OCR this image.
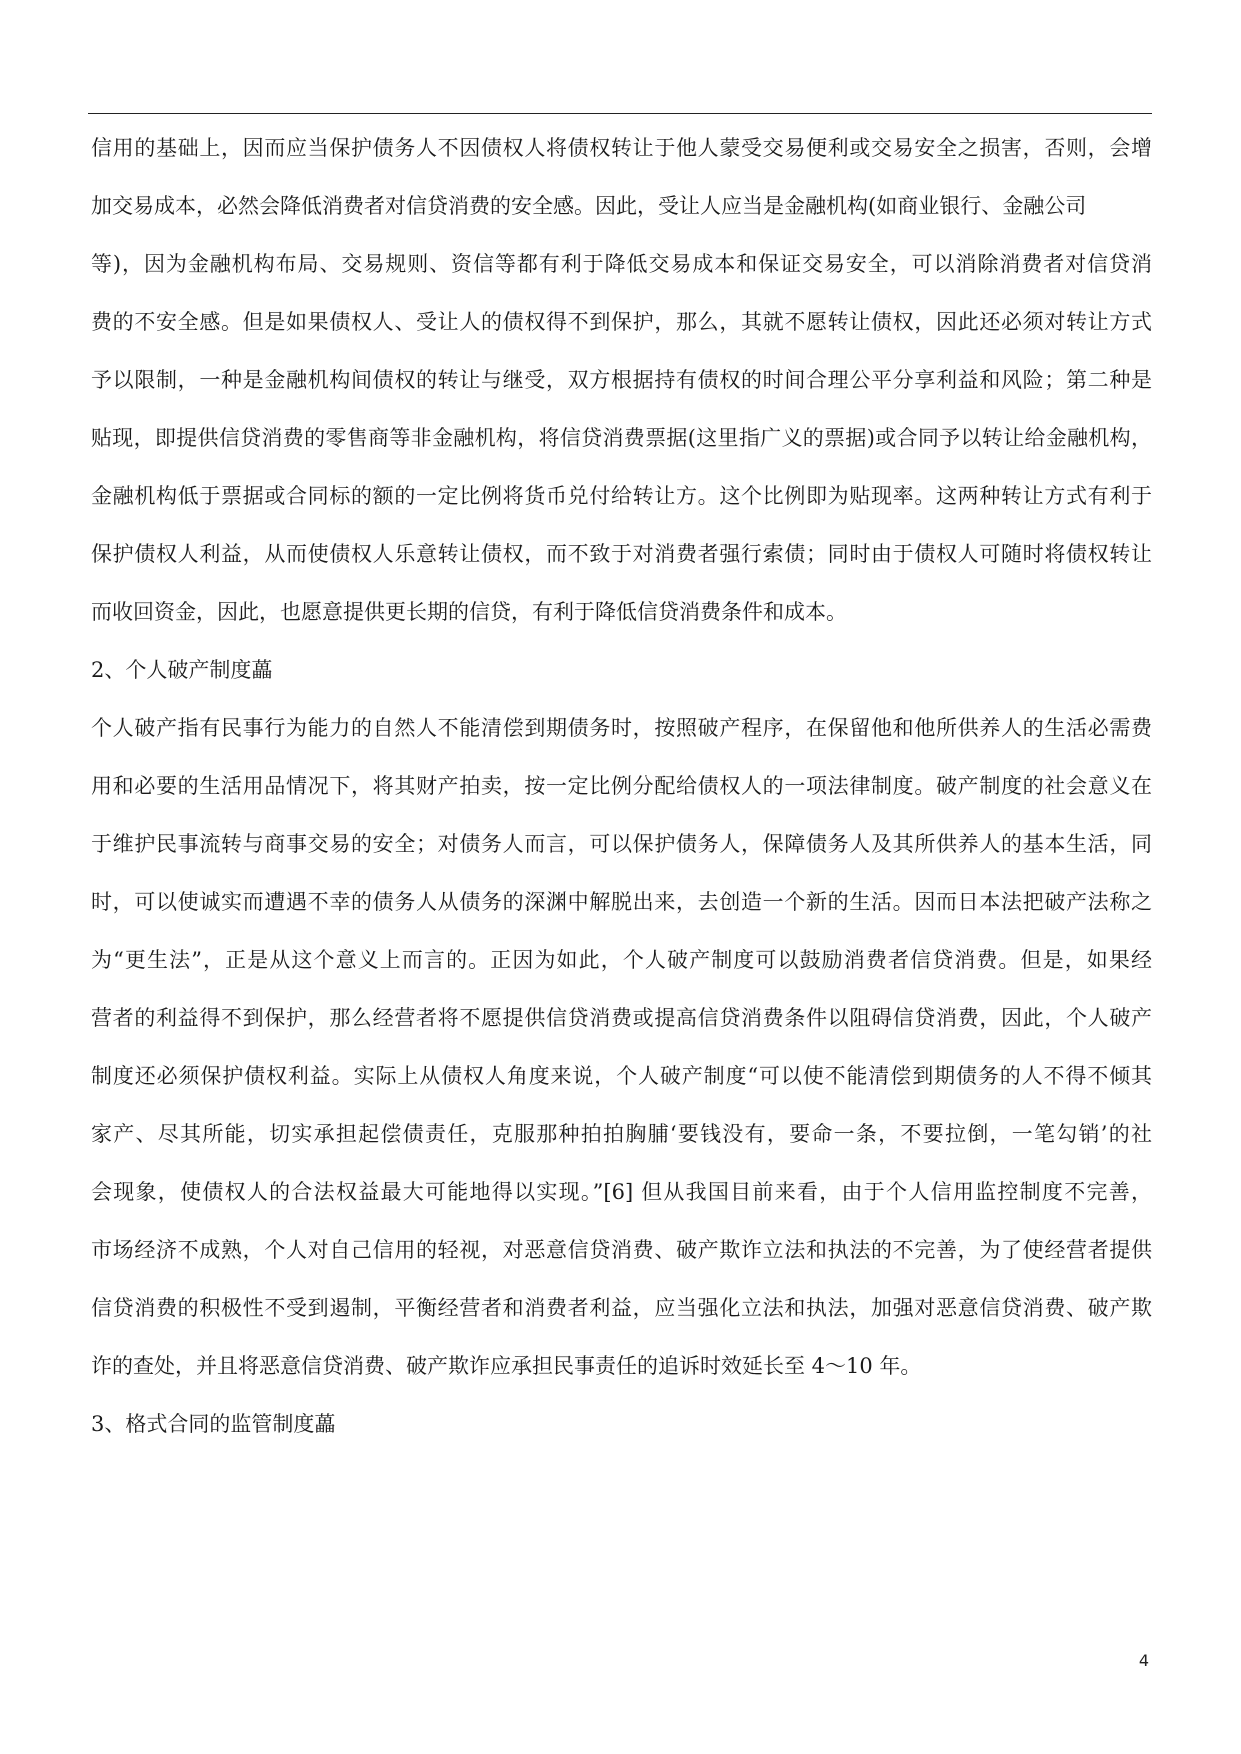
信用的基础上，因而应当保护债务人不因债权人将债权转让于他人蒙受交易便利或交易安全之损害，否则，会增
加交易成本，必然会降低消费者对信贷消费的安全感。因此，受让人应当是金融机构(如商业银行、金融公司
等)，因为金融机构布局、交易规则、资信等都有利于降低交易成本和保证交易安全，可以消除消费者对信贷消
费的不安全感。但是如果债权人、受让人的债权得不到保护，那么，其就不愿转让债权，因此还必须对转让方式
予以限制，一种是金融机构间债权的转让与继受，双方根据持有债权的时间合理公平分享利益和风险；第二种是
贴现，即提供信贷消费的零售商等非金融机构，将信贷消费票据(这里指广义的票据)或合同予以转让给金融机构，
金融机构低于票据或合同标的额的一定比例将货币兑付给转让方。这个比例即为贴现率。这两种转让方式有利于
保护债权人利益，从而使债权人乐意转让债权，而不致于对消费者强行索债；同时由于债权人可随时将债权转让
而收回资金，因此，也愿意提供更长期的信贷，有利于降低信贷消费条件和成本。
2、个人破产制度藟
个人破产指有民事行为能力的自然人不能清偿到期债务时，按照破产程序，在保留他和他所供养人的生活必需费
用和必要的生活用品情况下，将其财产拍卖，按一定比例分配给债权人的一项法律制度。破产制度的社会意义在
于维护民事流转与商事交易的安全；对债务人而言，可以保护债务人，保障债务人及其所供养人的基本生活，同
时，可以使诚实而遭遇不幸的债务人从债务的深渊中解脱出来，去创造一个新的生活。因而日本法把破产法称之
为“更生法”，正是从这个意义上而言的。正因为如此，个人破产制度可以鼓励消费者信贷消费。但是，如果经
营者的利益得不到保护，那么经营者将不愿提供信贷消费或提高信贷消费条件以阻碍信贷消费，因此，个人破产
制度还必须保护债权利益。实际上从债权人角度来说，个人破产制度“可以使不能清偿到期债务的人不得不倾其
家产、尽其所能，切实承担起偿债责任，克服那种拍拍胸脯‘要钱没有，要命一条，不要拉倒，一笔勾销’的社
会现象，使债权人的合法权益最大可能地得以实现。”[6] 但从我国目前来看，由于个人信用监控制度不完善，
市场经济不成熟，个人对自己信用的轻视，对恶意信贷消费、破产欺诈立法和执法的不完善，为了使经营者提供
信贷消费的积极性不受到遏制，平衡经营者和消费者利益，应当强化立法和执法，加强对恶意信贷消费、破产欺
诈的查处，并且将恶意信贷消费、破产欺诈应承担民事责任的追诉时效延长至 4～10 年。
3、格式合同的监管制度藟
4
